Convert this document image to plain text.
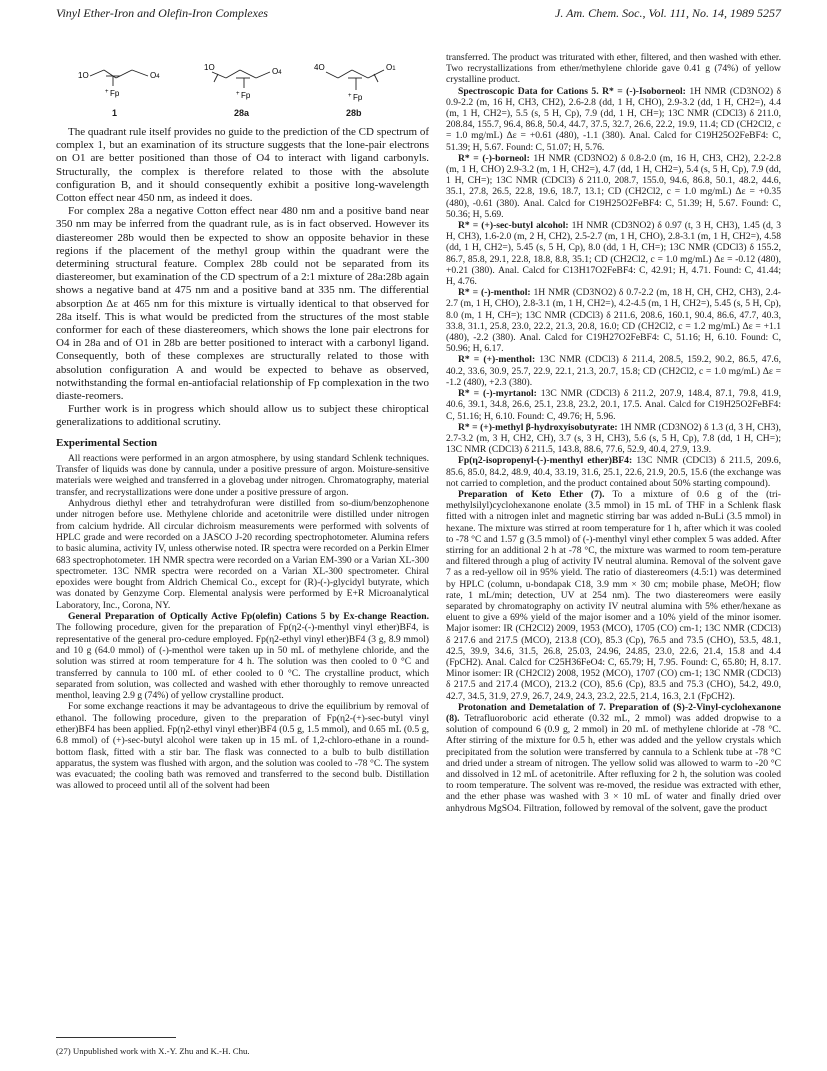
Vinyl Ether-Iron and Olefin-Iron Complexes	J. Am. Chem. Soc., Vol. 111, No. 14, 1989 5257
1O	O4
+ Fp
1O	O4
+ Fp
4O	O1
+ Fp
1	28a	28b

The quadrant rule itself provides no guide to the prediction of the CD spectrum of complex 1, but an examination of its structure suggests that the lone-pair electrons on O1 are better positioned than those of O4 to interact with ligand carbonyls. Structurally, the complex is therefore related to those with the absolute configuration B, and it should consequently exhibit a positive long-wavelength Cotton effect near 450 nm, as indeed it does.

For complex 28a a negative Cotton effect near 480 nm and a positive band near 350 nm may be inferred from the quadrant rule, as is in fact observed. However its diastereomer 28b would then be expected to show an opposite behavior in these regions if the placement of the methyl group within the quadrant were the determining structural feature. Complex 28b could not be separated from its diastereomer, but examination of the CD spectrum of a 2:1 mixture of 28a:28b again shows a negative band at 475 nm and a positive band at 335 nm. The differential absorption Δε at 465 nm for this mixture is virtually identical to that observed for 28a itself. This is what would be predicted from the structures of the most stable conformer for each of these diastereomers, which shows the lone pair electrons for O4 in 28a and of O1 in 28b are better positioned to interact with a carbonyl ligand. Consequently, both of these complexes are structurally related to those with absolution configuration A and would be expected to behave as observed, notwithstanding the formal en-antiofacial relationship of Fp complexation in the two diaste-reomers.

Further work is in progress which should allow us to subject these chiroptical generalizations to additional scrutiny.

Experimental Section

All reactions were performed in an argon atmosphere, by using standard Schlenk techniques. Transfer of liquids was done by cannula, under a positive pressure of argon. Moisture-sensitive materials were weighed and transferred in a glovebag under nitrogen. Chromatography, material transfer, and recrystallizations were done under a positive pressure of argon.

Anhydrous diethyl ether and tetrahydrofuran were distilled from so-dium/benzophenone under nitrogen before use. Methylene chloride and acetonitrile were distilled under nitrogen from calcium hydride. All circular dichroism measurements were performed with solvents of HPLC grade and were recorded on a JASCO J-20 recording spectrophotometer. Alumina refers to basic alumina, activity IV, unless otherwise noted. IR spectra were recorded on a Perkin Elmer 683 spectrophotometer. 1H NMR spectra were recorded on a Varian EM-390 or a Varian XL-300 spectrometer. 13C NMR spectra were recorded on a Varian XL-300 spectrometer. Chiral epoxides were bought from Aldrich Chemical Co., except for (R)-(-)-glycidyl butyrate, which was donated by Genzyme Corp. Elemental analysis were performed by E+R Microanalytical Laboratory, Inc., Corona, NY.

General Preparation of Optically Active Fp(olefin) Cations 5 by Ex-change Reaction. The following procedure, given for the preparation of Fp(η2-(-)-menthyl vinyl ether)BF4, is representative of the general pro-cedure employed. Fp(η2-ethyl vinyl ether)BF4 (3 g, 8.9 mmol) and 10 g (64.0 mmol) of (-)-menthol were taken up in 50 mL of methylene chloride, and the solution was stirred at room temperature for 4 h. The solution was then cooled to 0 °C and transferred by cannula to 100 mL of ether cooled to 0 °C. The crystalline product, which separated from solution, was collected and washed with ether thoroughly to remove unreacted menthol, leaving 2.9 g (74%) of yellow crystalline product.

For some exchange reactions it may be advantageous to drive the equilibrium by removal of ethanol. The following procedure, given to the preparation of Fp(η2-(+)-sec-butyl vinyl ether)BF4 has been applied. Fp(η2-ethyl vinyl ether)BF4 (0.5 g, 1.5 mmol), and 0.65 mL (0.5 g, 6.8 mmol) of (+)-sec-butyl alcohol were taken up in 15 mL of 1,2-chloro-ethane in a round-bottom flask, fitted with a stir bar. The flask was connected to a bulb to bulb distillation apparatus, the system was flushed with argon, and the solution was cooled to -78 °C. The system was evacuated; the cooling bath was removed and transferred to the second bulb. Distillation was allowed to proceed until all of the solvent had been

(27) Unpublished work with X.-Y. Zhu and K.-H. Chu.

transferred. The product was triturated with ether, filtered, and then washed with ether. Two recrystallizations from ether/methylene chloride gave 0.41 g (74%) of yellow crystalline product.

Spectroscopic Data for Cations 5. R* = (-)-Isoborneol: 1H NMR (CD3NO2) δ 0.9-2.2 (m, 16 H, CH3, CH2), 2.6-2.8 (dd, 1 H, CHO), 2.9-3.2 (dd, 1 H, CH2=), 4.4 (m, 1 H, CH2=), 5.5 (s, 5 H, Cp), 7.9 (dd, 1 H, CH=); 13C NMR (CDCl3) δ 211.0, 208.84, 155.7, 96.4, 86.8, 50.4, 44.7, 37.5, 32.7, 26.6, 22.2, 19.9, 11.4; CD (CH2Cl2, c = 1.0 mg/mL) Δε = +0.61 (480), -1.1 (380). Anal. Calcd for C19H25O2FeBF4: C, 51.39; H, 5.67. Found: C, 51.07; H, 5.76.

R* = (-)-borneol: 1H NMR (CD3NO2) δ 0.8-2.0 (m, 16 H, CH3, CH2), 2.2-2.8 (m, 1 H, CHO) 2.9-3.2 (m, 1 H, CH2=), 4.7 (dd, 1 H, CH2=), 5.4 (s, 5 H, Cp), 7.9 (dd, 1 H, CH=); 13C NMR (CDCl3) δ 211.0, 208.7, 155.0, 94.6, 86.8, 50.1, 48.2, 44.6, 35.1, 27.8, 26.5, 22.8, 19.6, 18.7, 13.1; CD (CH2Cl2, c = 1.0 mg/mL) Δε = +0.35 (480), -0.61 (380). Anal. Calcd for C19H25O2FeBF4: C, 51.39; H, 5.67. Found: C, 50.36; H, 5.69.

R* = (+)-sec-butyl alcohol: 1H NMR (CD3NO2) δ 0.97 (t, 3 H, CH3), 1.45 (d, 3 H, CH3), 1.6-2.0 (m, 2 H, CH2), 2.5-2.7 (m, 1 H, CHO), 2.8-3.1 (m, 1 H, CH2=), 4.58 (dd, 1 H, CH2=), 5.45 (s, 5 H, Cp), 8.0 (dd, 1 H, CH=); 13C NMR (CDCl3) δ 155.2, 86.7, 85.8, 29.1, 22.8, 18.8, 8.8, 35.1; CD (CH2Cl2, c = 1.0 mg/mL) Δε = -0.12 (480), +0.21 (380). Anal. Calcd for C13H17O2FeBF4: C, 42.91; H, 4.71. Found: C, 41.44; H, 4.76.

R* = (-)-menthol: 1H NMR (CD3NO2) δ 0.7-2.2 (m, 18 H, CH, CH2, CH3), 2.4-2.7 (m, 1 H, CHO), 2.8-3.1 (m, 1 H, CH2=), 4.2-4.5 (m, 1 H, CH2=), 5.45 (s, 5 H, Cp), 8.0 (m, 1 H, CH=); 13C NMR (CDCl3) δ 211.6, 208.6, 160.1, 90.4, 86.6, 47.7, 40.3, 33.8, 31.1, 25.8, 23.0, 22.2, 21.3, 20.8, 16.0; CD (CH2Cl2, c = 1.2 mg/mL) Δε = +1.1 (480), -2.2 (380). Anal. Calcd for C19H27O2FeBF4: C, 51.16; H, 6.10. Found: C, 50.96; H, 6.17.

R* = (+)-menthol: 13C NMR (CDCl3) δ 211.4, 208.5, 159.2, 90.2, 86.5, 47.6, 40.2, 33.6, 30.9, 25.7, 22.9, 22.1, 21.3, 20.7, 15.8; CD (CH2Cl2, c = 1.0 mg/mL) Δε = -1.2 (480), +2.3 (380).

R* = (-)-myrtanol: 13C NMR (CDCl3) δ 211.2, 207.9, 148.4, 87.1, 79.8, 41.9, 40.6, 39.1, 34.8, 26.6, 25.1, 23.8, 23.2, 20.1, 17.5. Anal. Calcd for C19H25O2FeBF4: C, 51.16; H, 6.10. Found: C, 49.76; H, 5.96.

R* = (+)-methyl β-hydroxyisobutyrate: 1H NMR (CD3NO2) δ 1.3 (d, 3 H, CH3), 2.7-3.2 (m, 3 H, CH2, CH), 3.7 (s, 3 H, CH3), 5.6 (s, 5 H, Cp), 7.8 (dd, 1 H, CH=); 13C NMR (CDCl3) δ 211.5, 143.8, 88.6, 77.6, 52.9, 40.4, 27.9, 13.9.

Fp(η2-isopropenyl-(-)-menthyl ether)BF4: 13C NMR (CDCl3) δ 211.5, 209.6, 85.6, 85.0, 84.2, 48.9, 40.4, 33.19, 31.6, 25.1, 22.6, 21.9, 20.5, 15.6 (the exchange was not carried to completion, and the product contained about 50% starting compound).

Preparation of Keto Ether (7). To a mixture of 0.6 g of the (tri-methylsilyl)cyclohexanone enolate (3.5 mmol) in 15 mL of THF in a Schlenk flask fitted with a nitrogen inlet and magnetic stirring bar was added n-BuLi (3.5 mmol) in hexane. The mixture was stirred at room temperature for 1 h, after which it was cooled to -78 °C and 1.57 g (3.5 mmol) of (-)-menthyl vinyl ether complex 5 was added. After stirring for an additional 2 h at -78 °C, the mixture was warmed to room tem-perature and filtered through a plug of activity IV neutral alumina. Removal of the solvent gave 7 as a red-yellow oil in 95% yield. The ratio of diastereomers (4.5:1) was determined by HPLC (column, u-bondapak C18, 3.9 mm × 30 cm; mobile phase, MeOH; flow rate, 1 mL/min; detection, UV at 254 nm). The two diastereomers were easily separated by chromatography on activity IV neutral alumina with 5% ether/hexane as eluent to give a 69% yield of the major isomer and a 10% yield of the minor isomer. Major isomer: IR (CH2Cl2) 2009, 1953 (MCO), 1705 (CO) cm-1; 13C NMR (CDCl3) δ 217.6 and 217.5 (MCO), 213.8 (CO), 85.3 (Cp), 76.5 and 73.5 (CHO), 53.5, 48.1, 42.5, 39.9, 34.6, 31.5, 26.8, 25.03, 24.96, 24.85, 23.0, 22.6, 21.4, 15.8 and 4.4 (FpCH2). Anal. Calcd for C25H36FeO4: C, 65.79; H, 7.95. Found: C, 65.80; H, 8.17. Minor isomer: IR (CH2Cl2) 2008, 1952 (MCO), 1707 (CO) cm-1; 13C NMR (CDCl3) δ 217.5 and 217.4 (MCO), 213.2 (CO), 85.6 (Cp), 83.5 and 75.3 (CHO), 54.2, 49.0, 42.7, 34.5, 31.9, 27.9, 26.7, 24.9, 24.3, 23.2, 22.5, 21.4, 16.3, 2.1 (FpCH2).

Protonation and Demetalation of 7. Preparation of (S)-2-Vinyl-cyclohexanone (8). Tetrafluoroboric acid etherate (0.32 mL, 2 mmol) was added dropwise to a solution of compound 6 (0.9 g, 2 mmol) in 20 mL of methylene chloride at -78 °C. After stirring of the mixture for 0.5 h, ether was added and the yellow crystals which precipitated from the solution were transferred by cannula to a Schlenk tube at -78 °C and dried under a stream of nitrogen. The yellow solid was allowed to warm to -20 °C and dissolved in 12 mL of acetonitrile. After refluxing for 2 h, the solution was cooled to room temperature. The solvent was re-moved, the residue was extracted with ether, and the ether phase was washed with 3 × 10 mL of water and finally dried over anhydrous MgSO4. Filtration, followed by removal of the solvent, gave the product
